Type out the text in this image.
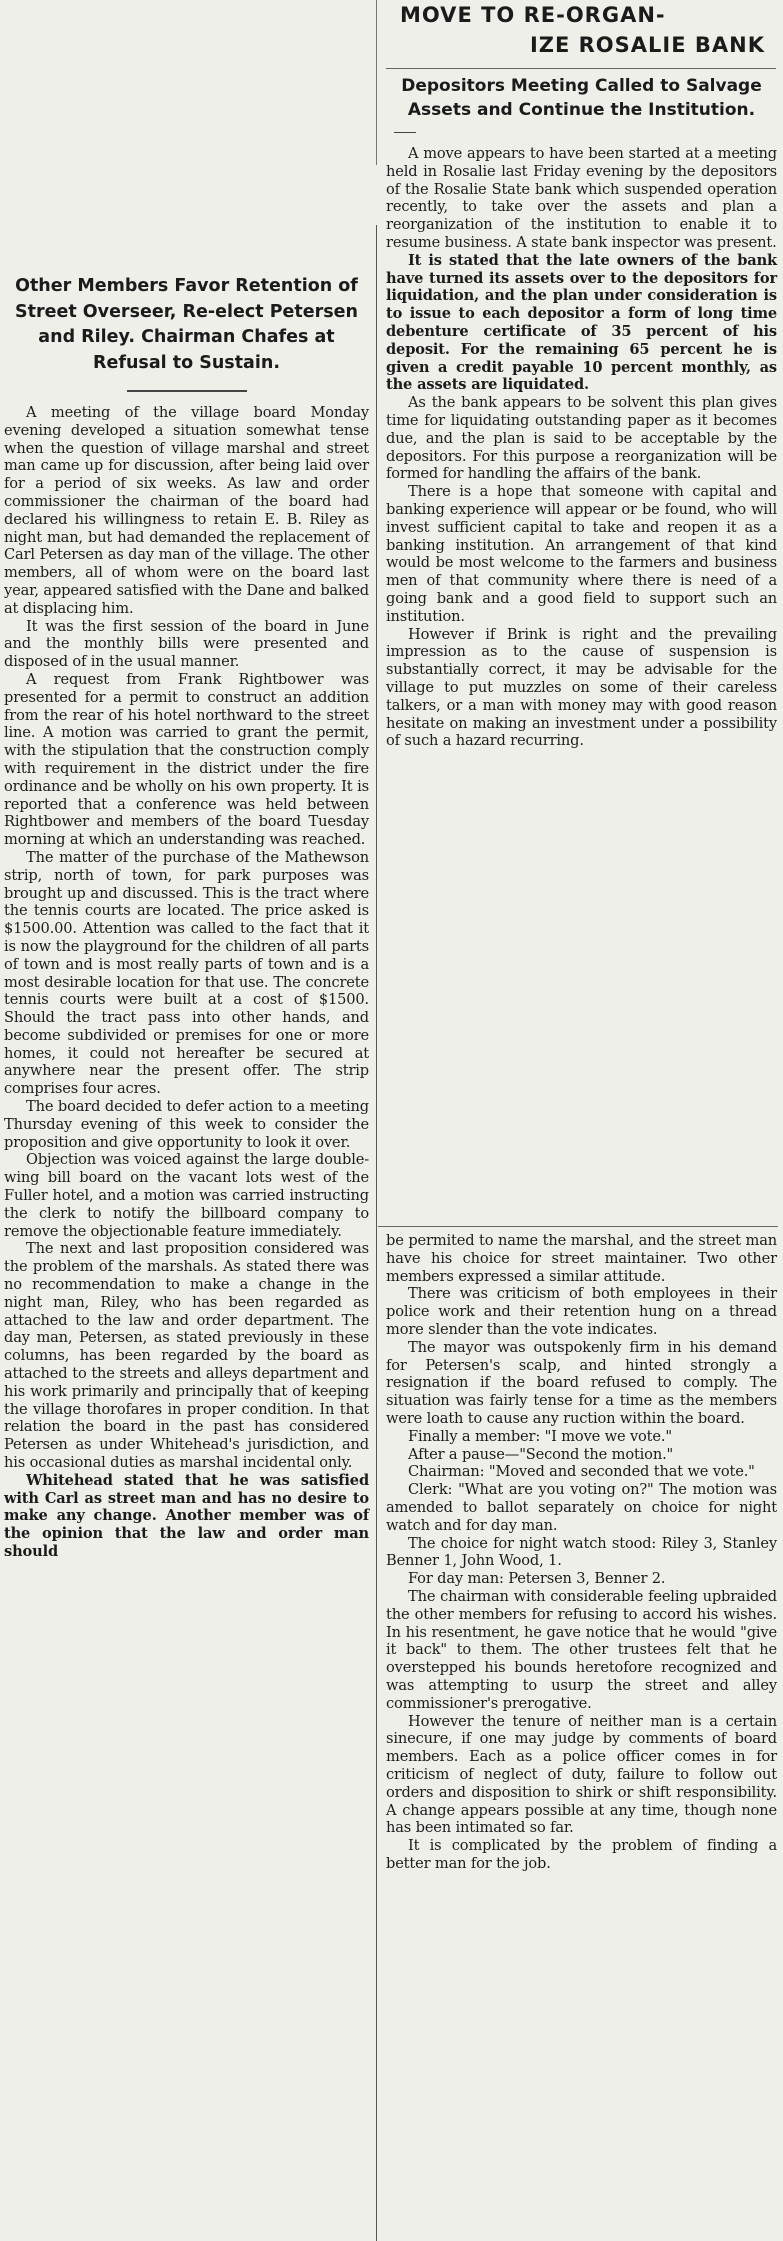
MOVE TO RE-ORGAN-
IZE ROSALIE BANK

Depositors Meeting Called to Salvage Assets and Continue the Institution.

A move appears to have been started at a meeting held in Rosalie last Friday evening by the depositors of the Rosalie State bank which suspended operation recently, to take over the assets and plan a reorganization of the institution to enable it to resume business. A state bank inspector was present.

It is stated that the late owners of the bank have turned its assets over to the depositors for liquidation, and the plan under consideration is to issue to each depositor a form of long time debenture certificate of 35 percent of his deposit. For the remaining 65 percent he is given a credit payable 10 percent monthly, as the assets are liquidated.

As the bank appears to be solvent this plan gives time for liquidating outstanding paper as it becomes due, and the plan is said to be acceptable by the depositors. For this purpose a reorganization will be formed for handling the affairs of the bank.

There is a hope that someone with capital and banking experience will appear or be found, who will invest sufficient capital to take and reopen it as a banking institution. An arrangement of that kind would be most welcome to the farmers and business men of that community where there is need of a going bank and a good field to support such an institution.

However if Brink is right and the prevailing impression as to the cause of suspension is substantially correct, it may be advisable for the village to put muzzles on some of their careless talkers, or a man with money may with good reason hesitate on making an investment under a possibility of such a hazard recurring.

Other Members Favor Retention of Street Overseer, Re-elect Petersen and Riley. Chairman Chafes at Refusal to Sustain.

A meeting of the village board Monday evening developed a situation somewhat tense when the question of village marshal and street man came up for discussion, after being laid over for a period of six weeks. As law and order commissioner the chairman of the board had declared his willingness to retain E. B. Riley as night man, but had demanded the replacement of Carl Petersen as day man of the village. The other members, all of whom were on the board last year, appeared satisfied with the Dane and balked at displacing him.

It was the first session of the board in June and the monthly bills were presented and disposed of in the usual manner.

A request from Frank Rightbower was presented for a permit to construct an addition from the rear of his hotel northward to the street line. A motion was carried to grant the permit, with the stipulation that the construction comply with requirement in the district under the fire ordinance and be wholly on his own property. It is reported that a conference was held between Rightbower and members of the board Tuesday morning at which an understanding was reached.

The matter of the purchase of the Mathewson strip, north of town, for park purposes was brought up and discussed. This is the tract where the tennis courts are located. The price asked is $1500.00. Attention was called to the fact that it is now the playground for the children of all parts of town and is most really parts of town and is a most desirable location for that use. The concrete tennis courts were built at a cost of $1500. Should the tract pass into other hands, and become subdivided or premises for one or more homes, it could not hereafter be secured at anywhere near the present offer. The strip comprises four acres.

The board decided to defer action to a meeting Thursday evening of this week to consider the proposition and give opportunity to look it over.

Objection was voiced against the large double-wing bill board on the vacant lots west of the Fuller hotel, and a motion was carried instructing the clerk to notify the billboard company to remove the objectionable feature immediately.

The next and last proposition considered was the problem of the marshals. As stated there was no recommendation to make a change in the night man, Riley, who has been regarded as attached to the law and order department. The day man, Petersen, as stated previously in these columns, has been regarded by the board as attached to the streets and alleys department and his work primarily and principally that of keeping the village thorofares in proper condition. In that relation the board in the past has considered Petersen as under Whitehead's jurisdiction, and his occasional duties as marshal incidental only.

Whitehead stated that he was satisfied with Carl as street man and has no desire to make any change. Another member was of the opinion that the law and order man should

be permited to name the marshal, and the street man have his choice for street maintainer. Two other members expressed a similar attitude.

There was criticism of both employees in their police work and their retention hung on a thread more slender than the vote indicates.

The mayor was outspokenly firm in his demand for Petersen's scalp, and hinted strongly a resignation if the board refused to comply. The situation was fairly tense for a time as the members were loath to cause any ruction within the board.

Finally a member: "I move we vote."

After a pause—"Second the motion."

Chairman: "Moved and seconded that we vote."

Clerk: "What are you voting on?" The motion was amended to ballot separately on choice for night watch and for day man.

The choice for night watch stood: Riley 3, Stanley Benner 1, John Wood, 1.

For day man: Petersen 3, Benner 2.

The chairman with considerable feeling upbraided the other members for refusing to accord his wishes. In his resentment, he gave notice that he would "give it back" to them. The other trustees felt that he overstepped his bounds heretofore recognized and was attempting to usurp the street and alley commissioner's prerogative.

However the tenure of neither man is a certain sinecure, if one may judge by comments of board members. Each as a police officer comes in for criticism of neglect of duty, failure to follow out orders and disposition to shirk or shift responsibility. A change appears possible at any time, though none has been intimated so far.

It is complicated by the problem of finding a better man for the job.
